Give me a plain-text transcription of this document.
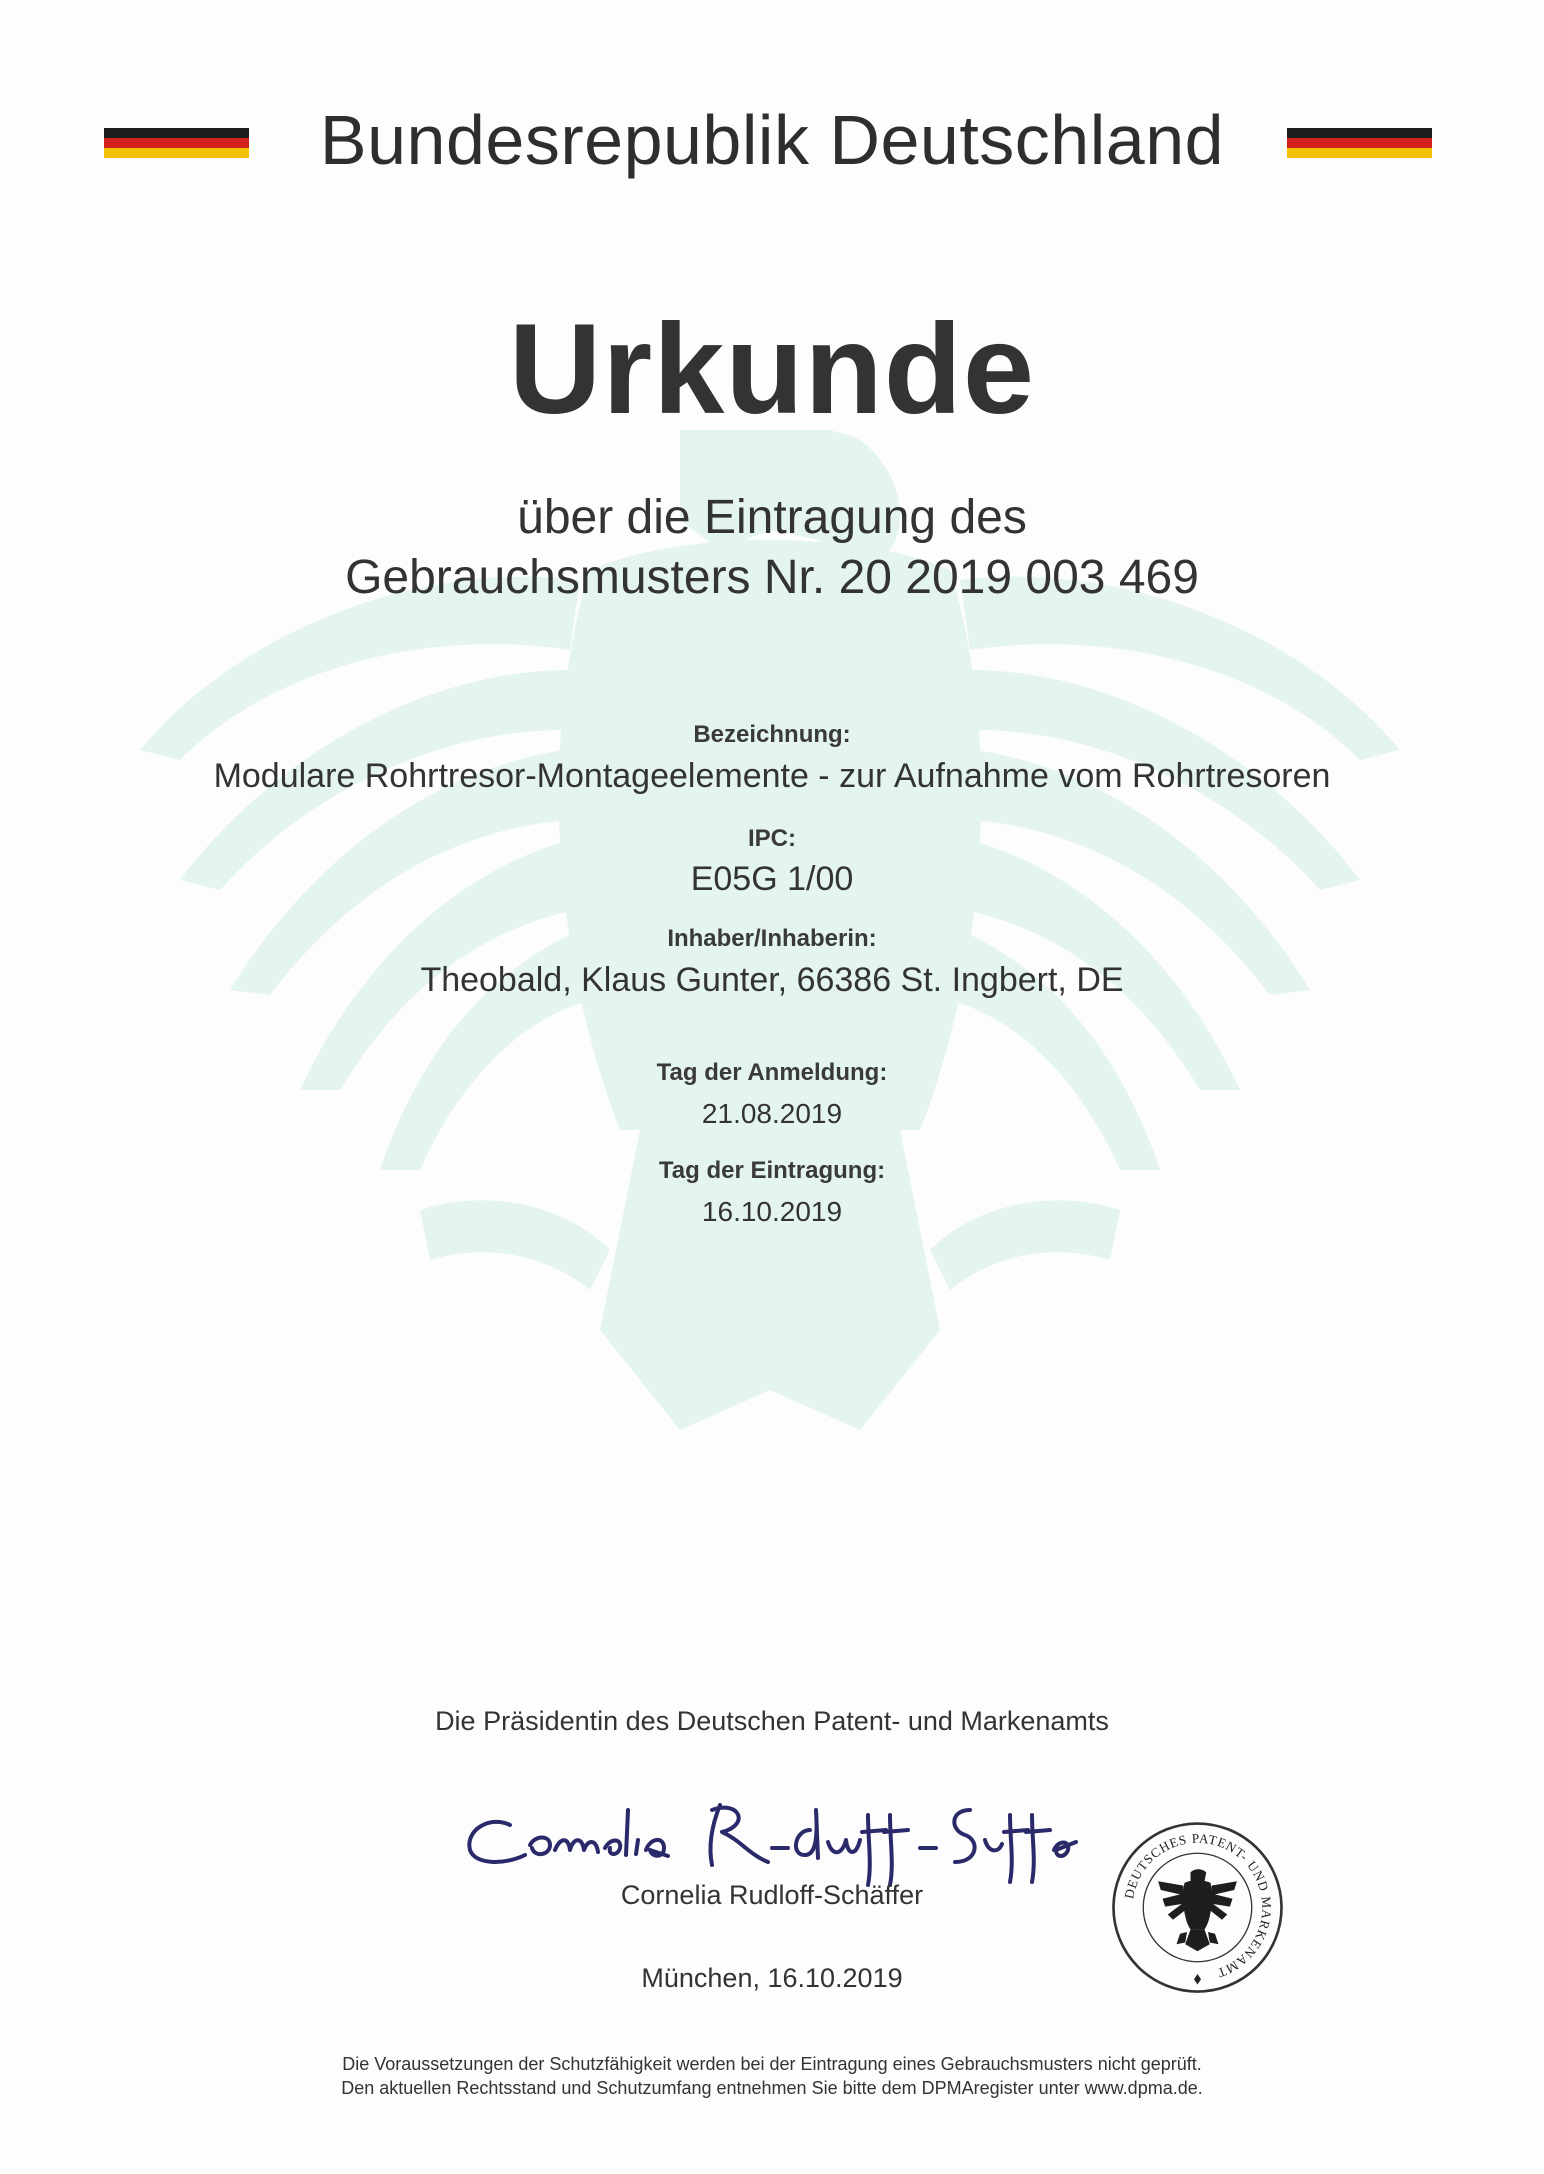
Bundesrepublik Deutschland
Urkunde
über die Eintragung des
Gebrauchsmusters Nr. 20 2019 003 469
Bezeichnung:
Modulare Rohrtresor-Montageelemente - zur Aufnahme vom Rohrtresoren
IPC:
E05G 1/00
Inhaber/Inhaberin:
Theobald, Klaus Gunter, 66386 St. Ingbert, DE
Tag der Anmeldung:
21.08.2019
Tag der Eintragung:
16.10.2019
Die Präsidentin des Deutschen Patent- und Markenamts
Cornelia Rudloff-Schäffer
München, 16.10.2019
DEUTSCHES PATENT- UND MARKENAMT
Die Voraussetzungen der Schutzfähigkeit werden bei der Eintragung eines Gebrauchsmusters nicht geprüft.
Den aktuellen Rechtsstand und Schutzumfang entnehmen Sie bitte dem DPMAregister unter www.dpma.de.
